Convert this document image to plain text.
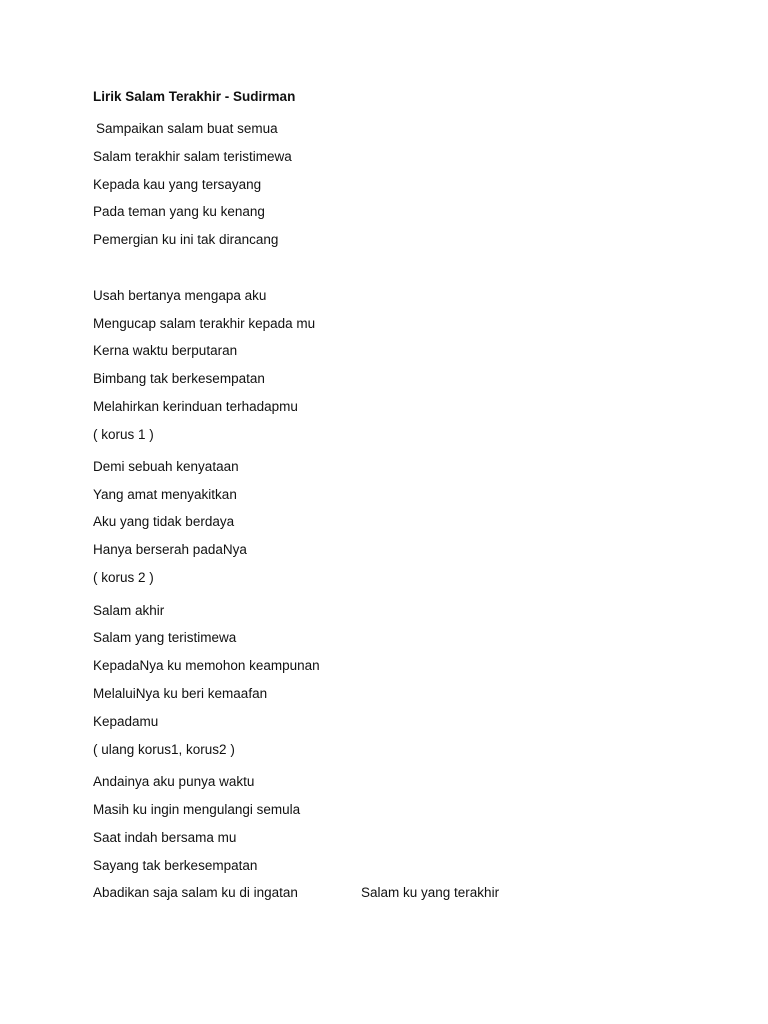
Lirik Salam Terakhir - Sudirman
Sampaikan salam buat semua
Salam terakhir salam teristimewa
Kepada kau yang tersayang
Pada teman yang ku kenang
Pemergian ku ini tak dirancang
Usah bertanya mengapa aku
Mengucap salam terakhir kepada mu
Kerna waktu berputaran
Bimbang tak berkesempatan
Melahirkan kerinduan terhadapmu
( korus 1 )
Demi sebuah kenyataan
Yang amat menyakitkan
Aku yang tidak berdaya
Hanya berserah padaNya
( korus 2 )
Salam akhir
Salam yang teristimewa
KepadaNya ku memohon keampunan
MelaluiNya ku beri kemaafan
Kepadamu
( ulang korus1, korus2 )
Andainya aku punya waktu
Masih ku ingin mengulangi semula
Saat indah bersama mu
Sayang tak berkesempatan
Abadikan saja salam ku di ingatan	Salam ku yang terakhir
